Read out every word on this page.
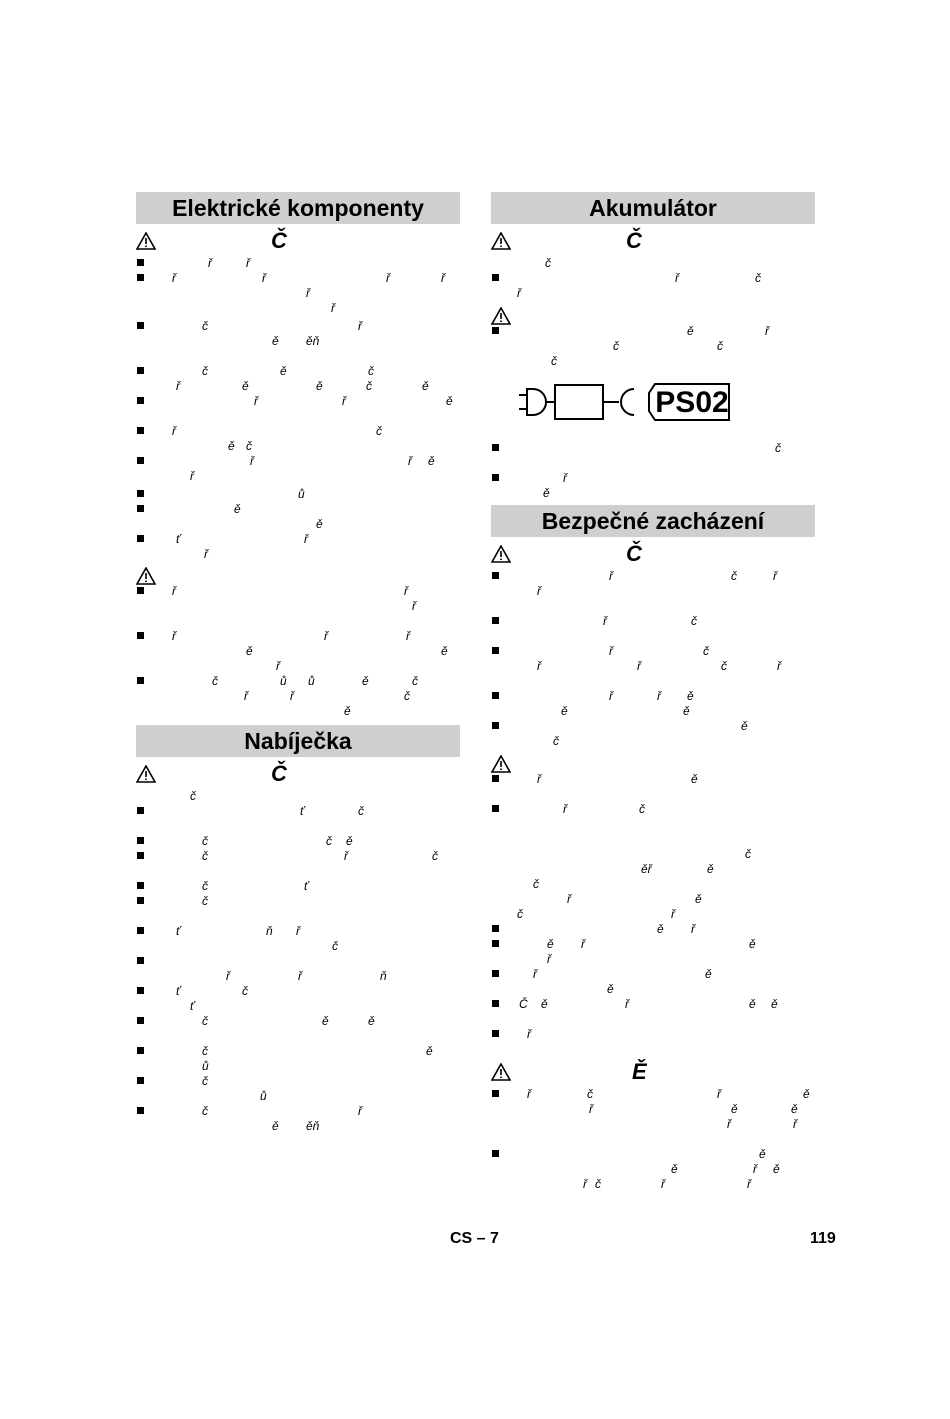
Elektrické komponenty
Č
ř	ř
ř	ř	ř	ř
ř
ř
č	ř
ě ěň
č	ě	č
ř	ě	ě	č	ě
ř	ř	ě
ř	č
ě č
ř	ř ě
ř
ů
ě
ě
ť	ř
ř
ř	ř
ř
ř	ř	ř
ě	ě
ř
č	ů ů	ě	č
ř	ř	č
ě
Nabíječka
Č
č
ť	č
č	č ě
č	ř	č
č	ť
č
ť	ň ř
č
ř	ř	ň
ť	č
ť
č	ě	ě
č	ě
ů
č
ů
č	ř
ě ěň
Akumulátor
Č
č
ř	č
ř
ě	ř
č	č
č
PS02
č
ř
ě
Bezpečné zacházení
Č
ř	č	ř
ř
ř	č
ř	č
ř	ř	č	ř
ř	ř ě
ě	ě
ě
č
ř	ě
ř	č
č
ěř	ě
č
ř	ě
č	ř
ě ř
ě ř	ě
ř
ř	ě
ě
Č ě	ř	ě ě
ř
Ě
ř	č	ř	ě
ř	ě	ě
ř	ř
ě
ě	ř ě
ř č	ř	ř
CS – 7	119
